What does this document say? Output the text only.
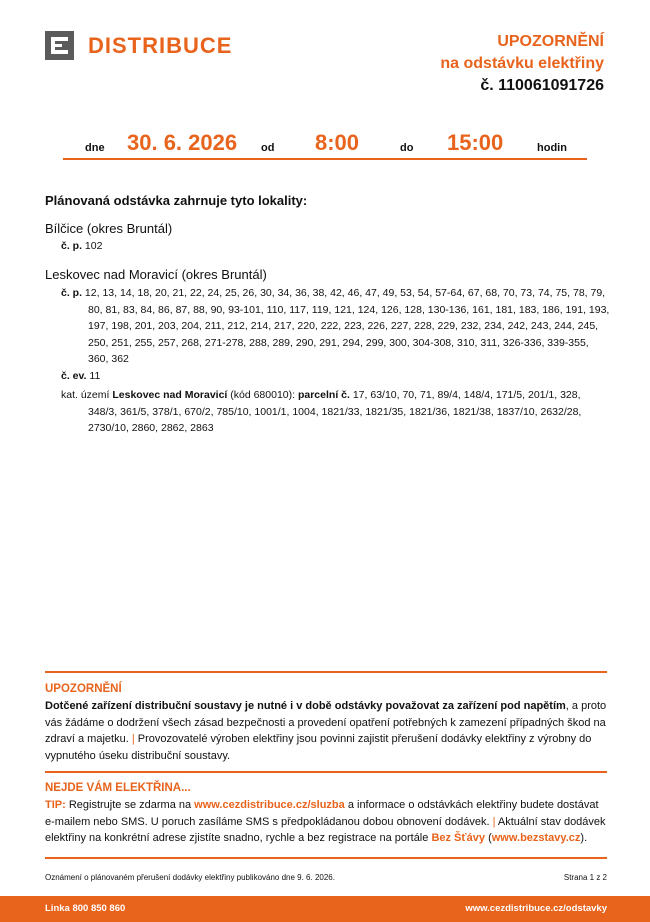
DISTRIBUCE	UPOZORNĚNÍ
na odstávku elektřiny
č. 110061091726
dne 30. 6. 2026 od 8:00	do 15:00	hodin
Plánovaná odstávka zahrnuje tyto lokality:
Bílčice (okres Bruntál)
č. p. 102
Leskovec nad Moravicí (okres Bruntál)
č. p. 12, 13, 14, 18, 20, 21, 22, 24, 25, 26, 30, 34, 36, 38, 42, 46, 47, 49, 53, 54, 57-64, 67, 68, 70, 73, 74, 75, 78, 79, 80, 81, 83, 84, 86, 87, 88, 90, 93-101, 110, 117, 119, 121, 124, 126, 128, 130-136, 161, 181, 183, 186, 191, 193, 197, 198, 201, 203, 204, 211, 212, 214, 217, 220, 222, 223, 226, 227, 228, 229, 232, 234, 242, 243, 244, 245, 250, 251, 255, 257, 268, 271-278, 288, 289, 290, 291, 294, 299, 300, 304-308, 310, 311, 326-336, 339-355, 360, 362
č. ev. 11
kat. území Leskovec nad Moravicí (kód 680010): parcelní č. 17, 63/10, 70, 71, 89/4, 148/4, 171/5, 201/1, 328, 348/3, 361/5, 378/1, 670/2, 785/10, 1001/1, 1004, 1821/33, 1821/35, 1821/36, 1821/38, 1837/10, 2632/28, 2730/10, 2860, 2862, 2863
UPOZORNĚNÍ
Dotčené zařízení distribuční soustavy je nutné i v době odstávky považovat za zařízení pod napětím, a proto vás žádáme o dodržení všech zásad bezpečnosti a provedení opatření potřebných k zamezení případných škod na zdraví a majetku. | Provozovatelé výroben elektřiny jsou povinni zajistit přerušení dodávky elektřiny z výrobny do vypnutého úseku distribuční soustavy.
NEJDE VÁM ELEKTŘINA...
TIP: Registrujte se zdarma na www.cezdistribuce.cz/sluzba a informace o odstávkách elektřiny budete dostávat e-mailem nebo SMS. U poruch zasíláme SMS s předpokládanou dobou obnovení dodávek. | Aktuální stav dodávek elektřiny na konkrétní adrese zjistíte snadno, rychle a bez registrace na portále Bez Šťávy (www.bezstavy.cz).
Oznámení o plánovaném přerušení dodávky elektřiny publikováno dne 9. 6. 2026.	Strana 1 z 2
Linka 800 850 860	www.cezdistribuce.cz/odstavky
